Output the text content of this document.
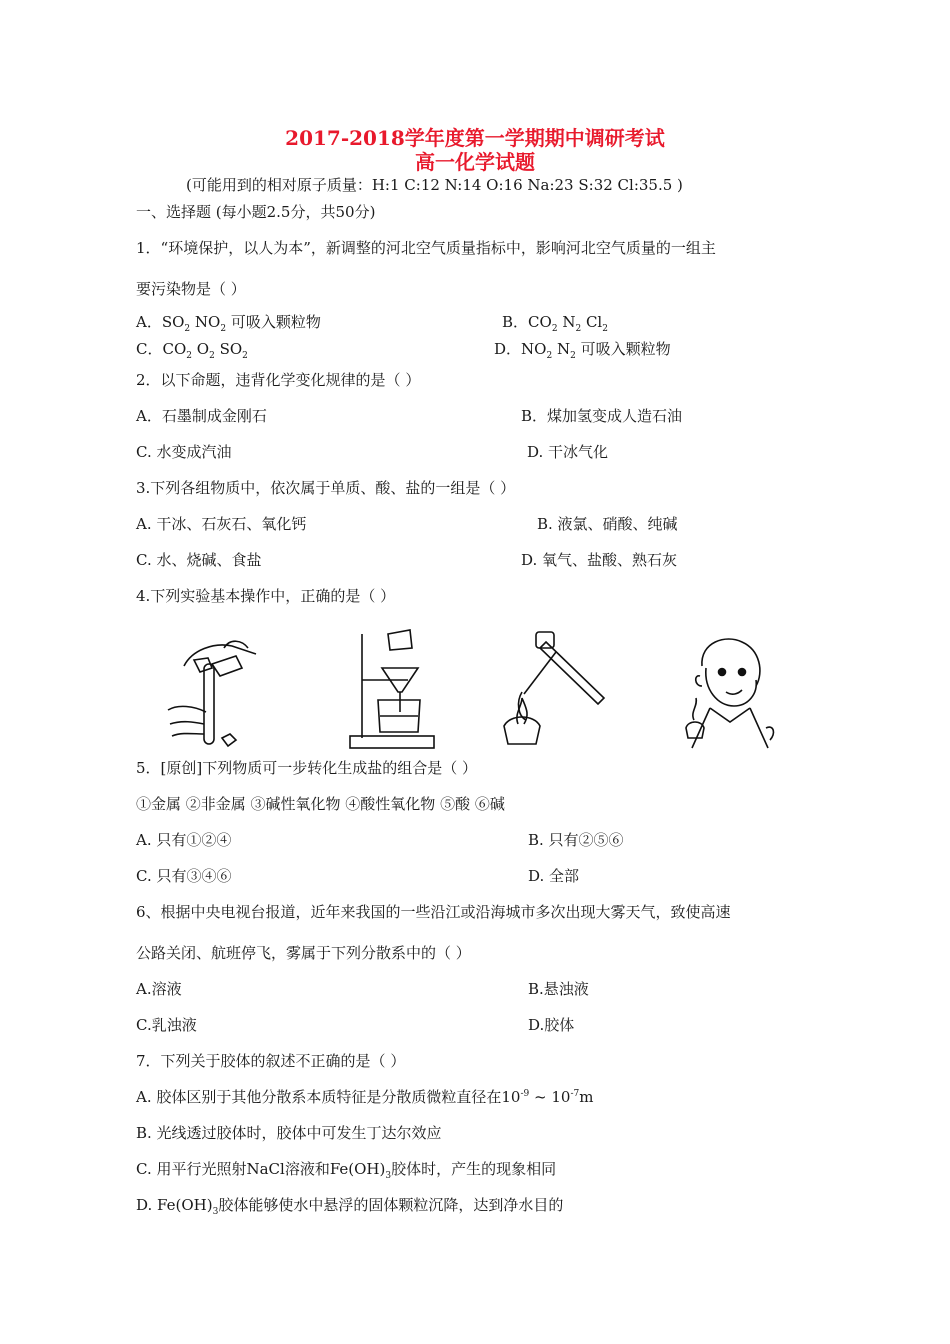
2017-2018学年度第一学期期中调研考试
高一化学试题
(可能用到的相对原子质量：H:1 C:12 N:14 O:16 Na:23 S:32 Cl:35.5 )
一、选择题 (每小题2.5分，共50分)
1．“环境保护，以人为本”，新调整的河北空气质量指标中，影响河北空气质量的一组主
要污染物是（ ）
A．$SO_2$ $NO_2$ 可吸入颗粒物	B．$CO_2$ $N_2$ $Cl_2$
C．$CO_2$ $O_2$ $SO_2$	D．$NO_2$ $N_2$ 可吸入颗粒物
2．以下命题，违背化学变化规律的是（ ）
A．石墨制成金刚石	B．煤加氢变成人造石油
C. 水变成汽油	D. 干冰气化
3.下列各组物质中，依次属于单质、酸、盐的一组是（ ）
A. 干冰、石灰石、氧化钙	B. 液氯、硝酸、纯碱
C. 水、烧碱、食盐	D. 氧气、盐酸、熟石灰
4.下列实验基本操作中，正确的是（ ）
5．[原创]下列物质可一步转化生成盐的组合是（ ）
①金属 ②非金属 ③碱性氧化物 ④酸性氧化物 ⑤酸 ⑥碱
A. 只有①②④	B. 只有②⑤⑥
C. 只有③④⑥	D. 全部
6、根据中央电视台报道，近年来我国的一些沿江或沿海城市多次出现大雾天气，致使高速
公路关闭、航班停飞，雾属于下列分散系中的（ ）
A.溶液	B.悬浊液
C.乳浊液	D.胶体
7．下列关于胶体的叙述不正确的是（ ）
A. 胶体区别于其他分散系本质特征是分散质微粒直径在$10^{-9}$ ~ $10^{-7}m$
B. 光线透过胶体时，胶体中可发生丁达尔效应
C. 用平行光照射NaCl溶液和$Fe(OH)_3$胶体时，产生的现象相同
D. $Fe(OH)_3$胶体能够使水中悬浮的固体颗粒沉降，达到净水目的
